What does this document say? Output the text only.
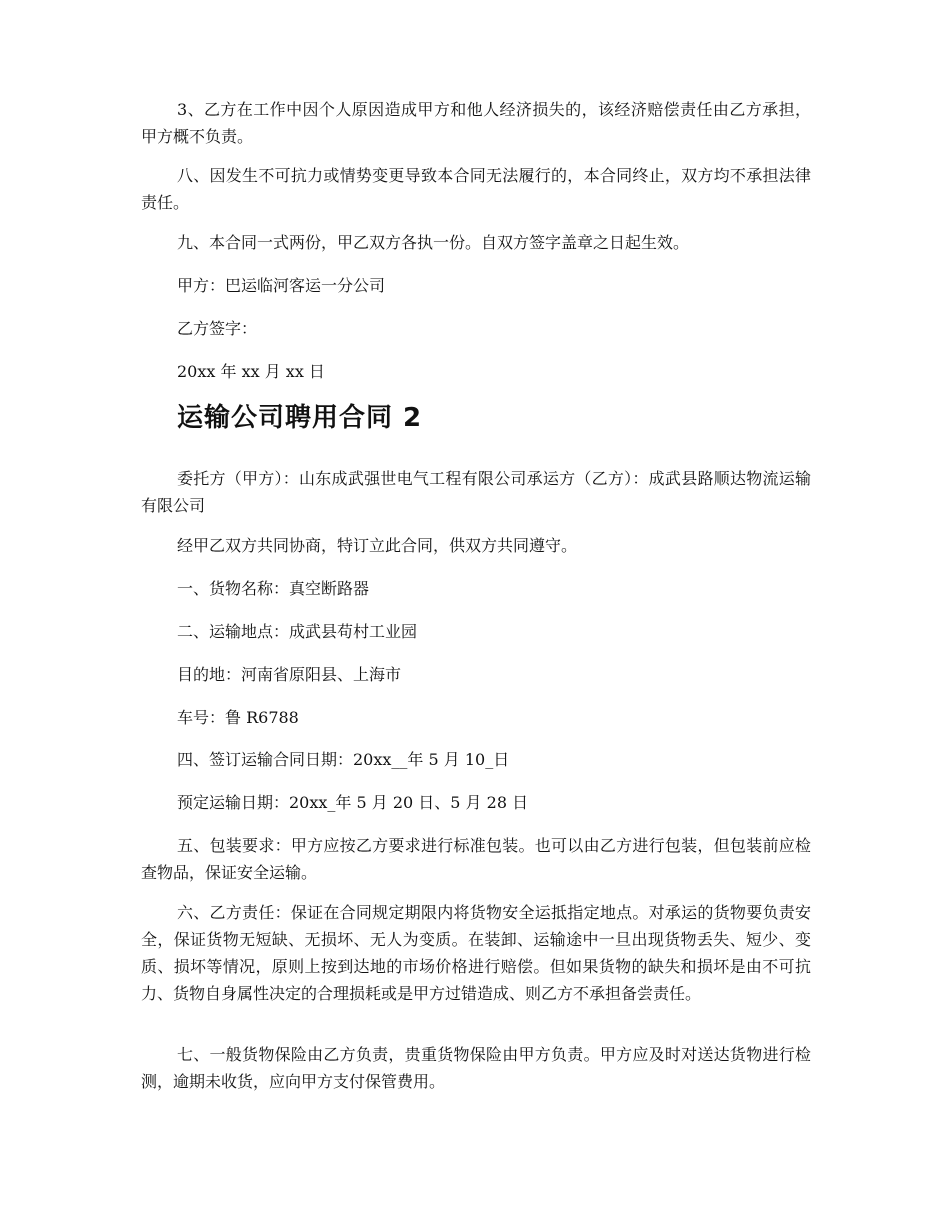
3、乙方在工作中因个人原因造成甲方和他人经济损失的，该经济赔偿责任由乙方承担，甲方概不负责。

八、因发生不可抗力或情势变更导致本合同无法履行的，本合同终止，双方均不承担法律责任。

九、本合同一式两份，甲乙双方各执一份。自双方签字盖章之日起生效。

甲方：巴运临河客运一分公司

乙方签字：

20xx 年 xx 月 xx 日

运输公司聘用合同 2

委托方（甲方）：山东成武强世电气工程有限公司承运方（乙方）：成武县路顺达物流运输有限公司

经甲乙双方共同协商，特订立此合同，供双方共同遵守。

一、货物名称：真空断路器

二、运输地点：成武县苟村工业园

目的地：河南省原阳县、上海市

车号：鲁 R6788

四、签订运输合同日期：20xx__年 5 月 10_日

预定运输日期：20xx_年 5 月 20 日、5 月 28 日

五、包装要求：甲方应按乙方要求进行标准包装。也可以由乙方进行包装，但包装前应检查物品，保证安全运输。

六、乙方责任：保证在合同规定期限内将货物安全运抵指定地点。对承运的货物要负责安全，保证货物无短缺、无损坏、无人为变质。在装卸、运输途中一旦出现货物丢失、短少、变质、损坏等情况，原则上按到达地的市场价格进行赔偿。但如果货物的缺失和损坏是由不可抗力、货物自身属性决定的合理损耗或是甲方过错造成、则乙方不承担备尝责任。

七、一般货物保险由乙方负责，贵重货物保险由甲方负责。甲方应及时对送达货物进行检测，逾期未收货，应向甲方支付保管费用。
